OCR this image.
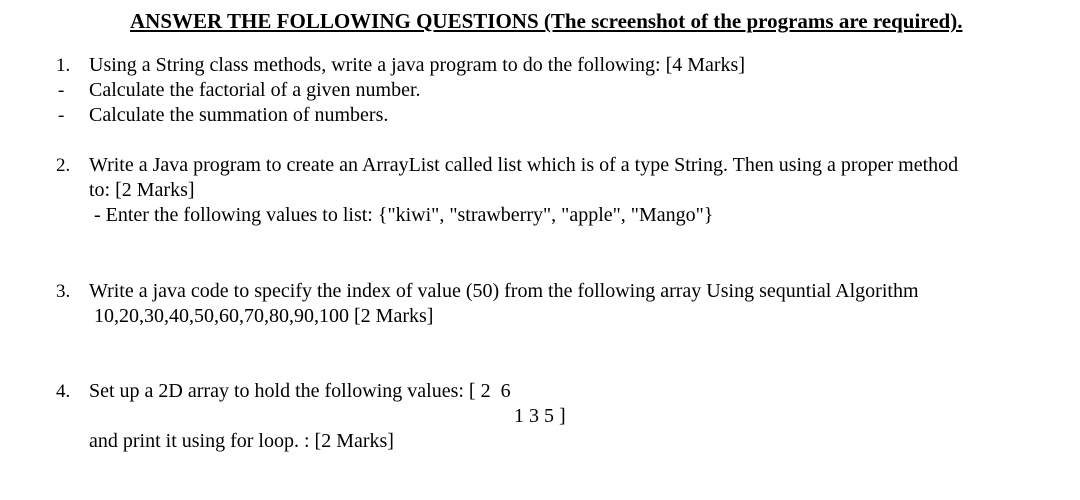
ANSWER THE FOLLOWING QUESTIONS (The screenshot of the programs are required).
1. Using a String class methods, write a java program to do the following: [4 Marks]
- Calculate the factorial of a given number.
- Calculate the summation of numbers.
2. Write a Java program to create an ArrayList called list which is of a type String. Then using a proper method
to: [2 Marks]
- Enter the following values to list: {"kiwi", "strawberry", "apple", "Mango"}
3. Write a java code to specify the index of value (50) from the following array Using sequntial Algorithm
10,20,30,40,50,60,70,80,90,100 [2 Marks]
4. Set up a 2D array to hold the following values: [ 2  6
1 3 5 ]
and print it using for loop. : [2 Marks]
